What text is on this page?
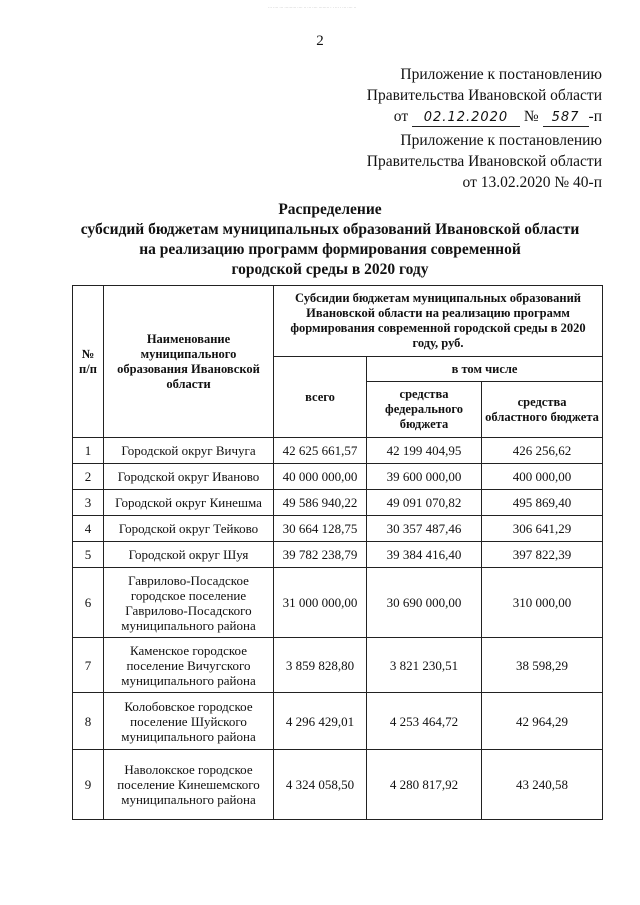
··· ···· ··· ········· ···· ·· ··· ···· ········ · · ··· · ··· ···· ··
2
Приложение к постановлению
Правительства Ивановской области
от 02.12.2020 № 587 -п
Приложение к постановлению
Правительства Ивановской области
от 13.02.2020 № 40-п
Распределение
субсидий бюджетам муниципальных образований Ивановской области
на реализацию программ формирования современной
городской среды в 2020 году
№ п/п	Наименование муниципального образования Ивановской области	Субсидии бюджетам муниципальных образований Ивановской области на реализацию программ формирования современной городской среды в 2020 году, руб.		
		всего	в том числе	
			средства федерального бюджета	средства областного бюджета
1	Городской округ Вичуга	42 625 661,57	42 199 404,95	426 256,62
2	Городской округ Иваново	40 000 000,00	39 600 000,00	400 000,00
3	Городской округ Кинешма	49 586 940,22	49 091 070,82	495 869,40
4	Городской округ Тейково	30 664 128,75	30 357 487,46	306 641,29
5	Городской округ Шуя	39 782 238,79	39 384 416,40	397 822,39
6	Гаврилово-Посадское городское поселение Гаврилово-Посадского муниципального района	31 000 000,00	30 690 000,00	310 000,00
7	Каменское городское поселение Вичугского муниципального района	3 859 828,80	3 821 230,51	38 598,29
8	Колобовское городское поселение Шуйского муниципального района	4 296 429,01	4 253 464,72	42 964,29
9	Наволокское городское поселение Кинешемского муниципального района	4 324 058,50	4 280 817,92	43 240,58
